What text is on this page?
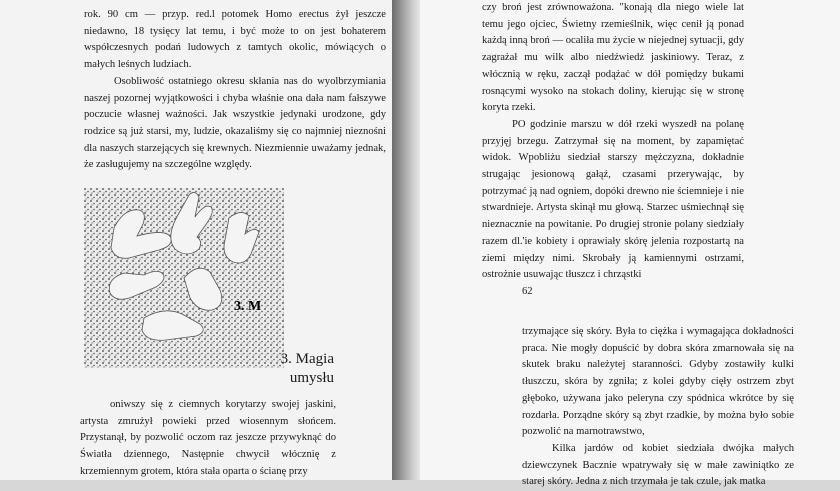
rok. 90 cm — przyp. red.l potomek Homo erectus żył jeszcze niedawno, 18 tysięcy lat temu, i być może to on jest bohaterem współczesnych podań ludowych z tamtych okolic, mówiących o małych leśnych ludziach.

Osobliwość ostatniego okresu skłania nas do wyolbrzymiania naszej pozornej wyjątkowości i chyba właśnie ona dała nam fałszywe poczucie własnej ważności. Jak wszystkie jedynaki urodzone, gdy rodzice są już starsi, my, ludzie, okazaliśmy się co najmniej nieznośni dla naszych starzejących się krewnych. Niezmiennie uważamy jednak, że zasługujemy na szczególne względy.

3. M
3. Magia
umysłu

oniwszy się z ciemnych korytarzy swojej jaskini, artysta zmrużył powieki przed wiosennym słońcem. Przystanął, by pozwolić oczom raz jeszcze przywyknąć do Światła dziennego, Następnie chwycił włócznię z krzemiennym grotem, która stała oparta o ścianę przy

czy broń jest zrównoważona. "konają dla niego wiele lat temu jego ojciec, Świetny rzemieślnik, więc cenił ją ponad każdą inną broń — ocaliła mu życie w niejednej sytuacji, gdy zagrażał mu wilk albo niedźwiedź jaskiniowy. Teraz, z włócznią w ręku, zaczął podążać w dół pomiędzy bukami rosnącymi wysoko na stokach doliny, kierując się w stronę koryta rzeki.

PO godzinie marszu w dół rzeki wyszedł na polanę przyjęj brzegu. Zatrzymał się na moment, by zapamiętać widok. Wpobliżu siedział starszy mężczyzna, dokładnie strugając jesionową gałąź, czasami przerywając, by potrzymać ją nad ogniem, dopóki drewno nie ściemnieje i nie stwardnieje. Artysta skinął mu głową. Starzec uśmiechnął się nieznacznie na powitanie. Po drugiej stronie polany siedziały razem dl.'ie kobiety i oprawiały skórę jelenia rozpostartą na ziemi między nimi. Skrobały ją kamiennymi ostrzami, ostrożnie usuwając tłuszcz i chrząstki

62

trzymające się skóry. Była to ciężka i wymagająca dokładności praca. Nie mogły dopuścić by dobra skóra zmarnowała się na skutek braku należytej staranności. Gdyby zostawiły kulki tłuszczu, skóra by zgniła; z kolei gdyby cięły ostrzem zbyt głęboko, używana jako peleryna czy spódnica wkrótce by się rozdarła. Porządne skóry są zbyt rzadkie, by można było sobie pozwolić na marnotrawstwo,

Kilka jardów od kobiet siedziała dwójka małych dziewczynek Bacznie wpatrywały się w małe zawiniątko ze starej skóry. Jedna z nich trzymała je tak czule, jak matka
